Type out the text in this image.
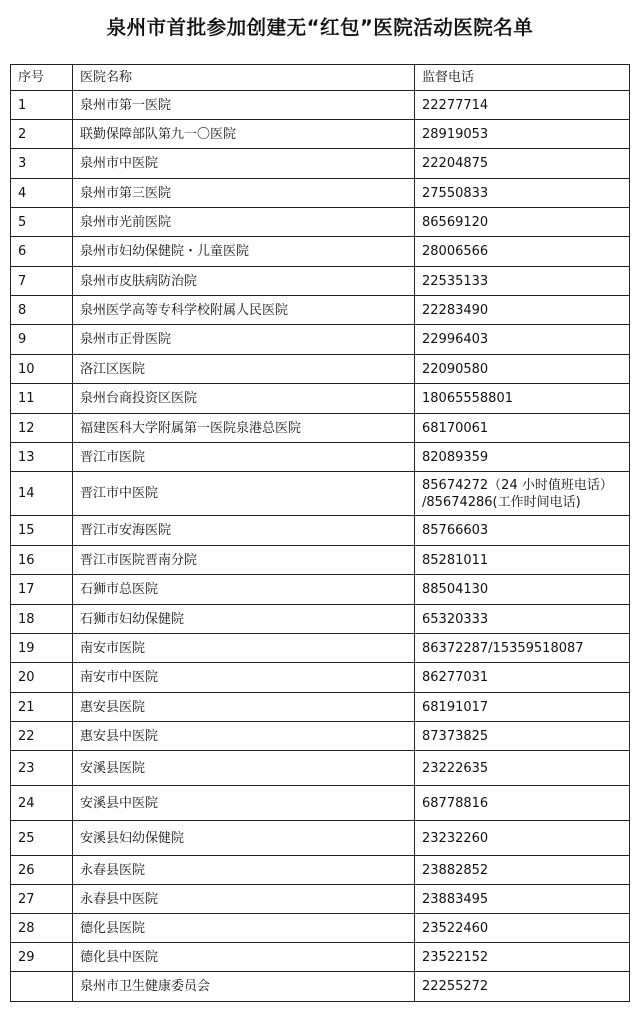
泉州市首批参加创建无“红包”医院活动医院名单
序号	医院名称	监督电话
1	泉州市第一医院	22277714

2	联勤保障部队第九一〇医院	28919053

3	泉州市中医院	22204875

4	泉州市第三医院	27550833

5	泉州市光前医院	86569120

6	泉州市妇幼保健院・儿童医院	28006566

7	泉州市皮肤病防治院	22535133

8	泉州医学高等专科学校附属人民医院	22283490

9	泉州市正骨医院	22996403

10	洛江区医院	22090580

11	泉州台商投资区医院	18065558801

12	福建医科大学附属第一医院泉港总医院	68170061

13	晋江市医院	82089359

14	晋江市中医院	85674272（24 小时值班电话）
/85674286(工作时间电话)

15	晋江市安海医院	85766603

16	晋江市医院晋南分院	85281011

17	石狮市总医院	88504130

18	石狮市妇幼保健院	65320333

19	南安市医院	86372287/15359518087

20	南安市中医院	86277031

21	惠安县医院	68191017

22	惠安县中医院	87373825

23	安溪县医院	23222635

24	安溪县中医院	68778816

25	安溪县妇幼保健院	23232260

26	永春县医院	23882852

27	永春县中医院	23883495

28	德化县医院	23522460

29	德化县中医院	23522152

	泉州市卫生健康委员会	22255272
